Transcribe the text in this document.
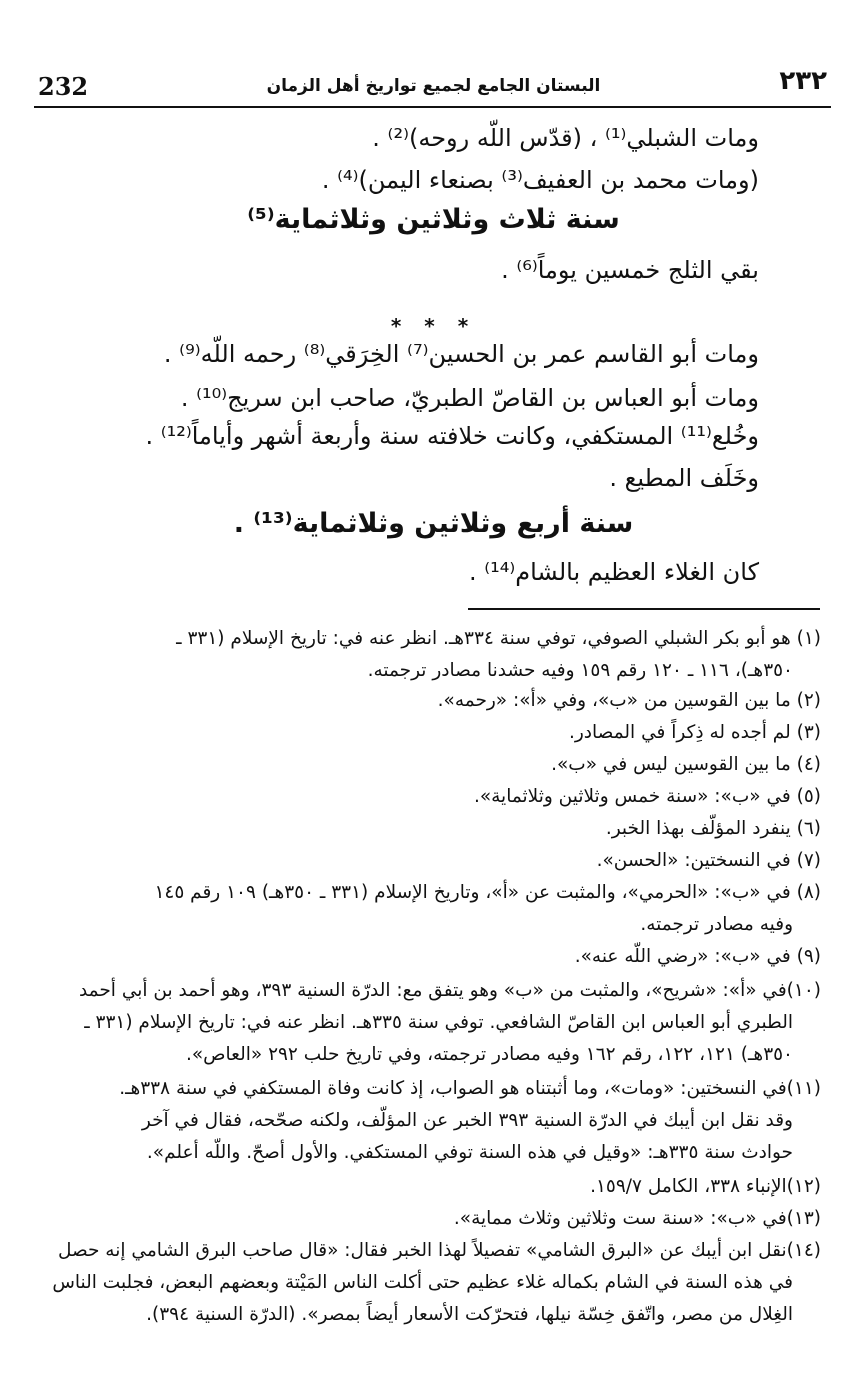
232	البستان الجامع لجميع تواريخ أهل الزمان	٢٣٢
ومات الشبلي⁽¹⁾ ، (قدّس اللّه روحه)⁽²⁾ .
(ومات محمد بن العفيف⁽³⁾ بصنعاء اليمن)⁽⁴⁾ .
سنة ثلاث وثلاثين وثلاثماية⁽⁵⁾
بقي الثلج خمسين يوماً⁽⁶⁾ .
* * *
ومات أبو القاسم عمر بن الحسين⁽⁷⁾ الخِرَقي⁽⁸⁾ رحمه اللّه⁽⁹⁾ .
ومات أبو العباس بن القاصّ الطبريّ، صاحب ابن سريج⁽¹⁰⁾ .
وخُلع⁽¹¹⁾ المستكفي، وكانت خلافته سنة وأربعة أشهر وأياماً⁽¹²⁾ .
وخَلَف المطيع .
سنة أربع وثلاثين وثلاثماية⁽¹³⁾ .
كان الغلاء العظيم بالشام⁽¹⁴⁾ .
(١) هو أبو بكر الشبلي الصوفي، توفي سنة ٣٣٤هـ. انظر عنه في: تاريخ الإسلام (٣٣١ ـ
٣٥٠هـ)، ١١٦ ـ ١٢٠ رقم ١٥٩ وفيه حشدنا مصادر ترجمته.
(٢) ما بين القوسين من «ب»، وفي «أ»: «رحمه».
(٣) لم أجده له ذِكراً في المصادر.
(٤) ما بين القوسين ليس في «ب».
(٥) في «ب»: «سنة خمس وثلاثين وثلاثماية».
(٦) ينفرد المؤلّف بهذا الخبر.
(٧) في النسختين: «الحسن».
(٨) في «ب»: «الحرمي»، والمثبت عن «أ»، وتاريخ الإسلام (٣٣١ ـ ٣٥٠هـ) ١٠٩ رقم ١٤٥
وفيه مصادر ترجمته.
(٩) في «ب»: «رضي اللّه عنه».
(١٠)في «أ»: «شريح»، والمثبت من «ب» وهو يتفق مع: الدرّة السنية ٣٩٣، وهو أحمد بن أبي أحمد
الطبري أبو العباس ابن القاصّ الشافعي. توفي سنة ٣٣٥هـ. انظر عنه في: تاريخ الإسلام (٣٣١ ـ
٣٥٠هـ) ١٢١، ١٢٢، رقم ١٦٢ وفيه مصادر ترجمته، وفي تاريخ حلب ٢٩٢ «العاص».
(١١)في النسختين: «ومات»، وما أثبتناه هو الصواب، إذ كانت وفاة المستكفي في سنة ٣٣٨هـ.
وقد نقل ابن أيبك في الدرّة السنية ٣٩٣ الخبر عن المؤلّف، ولكنه صحّحه، فقال في آخر
حوادث سنة ٣٣٥هـ: «وقيل في هذه السنة توفي المستكفي. والأول أصحّ. واللّه أعلم».
(١٢)الإنباء ٣٣٨، الكامل ١٥٩/٧.
(١٣)في «ب»: «سنة ست وثلاثين وثلاث مماية».
(١٤)نقل ابن أيبك عن «البرق الشامي» تفصيلاً لهذا الخبر فقال: «قال صاحب البرق الشامي إنه حصل
في هذه السنة في الشام بكماله غلاء عظيم حتى أكلت الناس المَيْتة وبعضهم البعض، فجلبت الناس
الغِلال من مصر، واتّفق خِسّة نيلها، فتحرّكت الأسعار أيضاً بمصر». (الدرّة السنية ٣٩٤).
